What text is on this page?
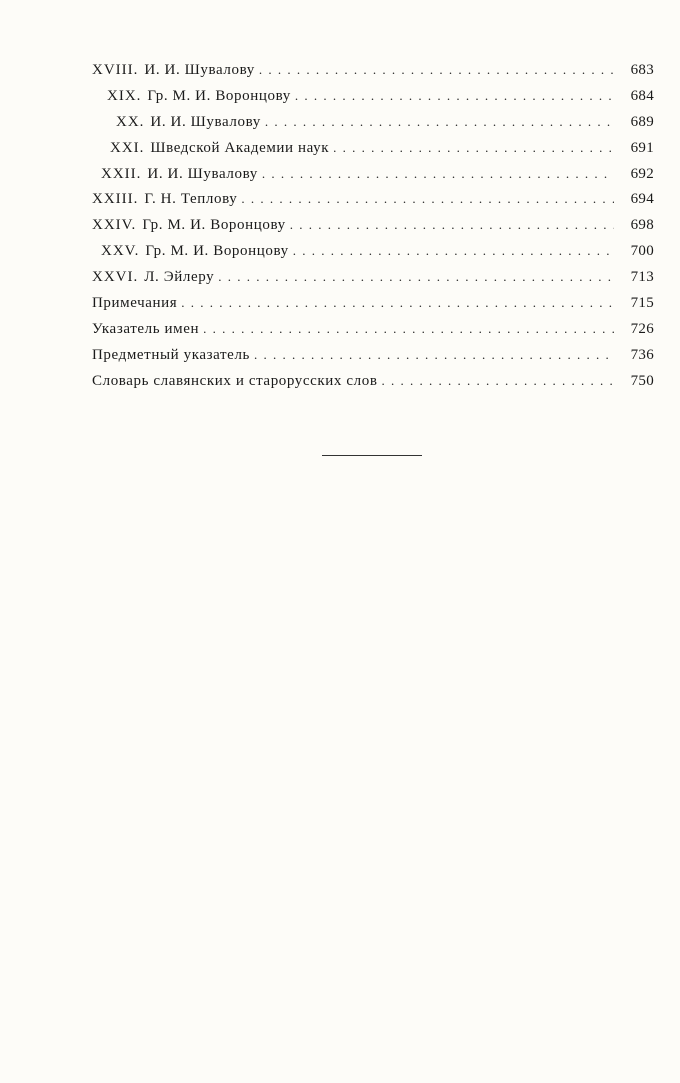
XVIII. И. И. Шувалову . . .	683
XIX. Гр. М. И. Воронцову . . .	684
XX. И. И. Шувалову . . .	689
XXI. Шведской Академии наук . . .	691
XXII. И. И. Шувалову . . .	692
XXIII. Г. Н. Теплову . . .	694
XXIV. Гр. М. И. Воронцову . . .	698
XXV. Гр. М. И. Воронцову . . .	700
XXVI. Л. Эйлеру . . .	713
Примечания . . .	715
Указатель имен . . .	726
Предметный указатель . . .	736
Словарь славянских и старорусских слов . . .	750
